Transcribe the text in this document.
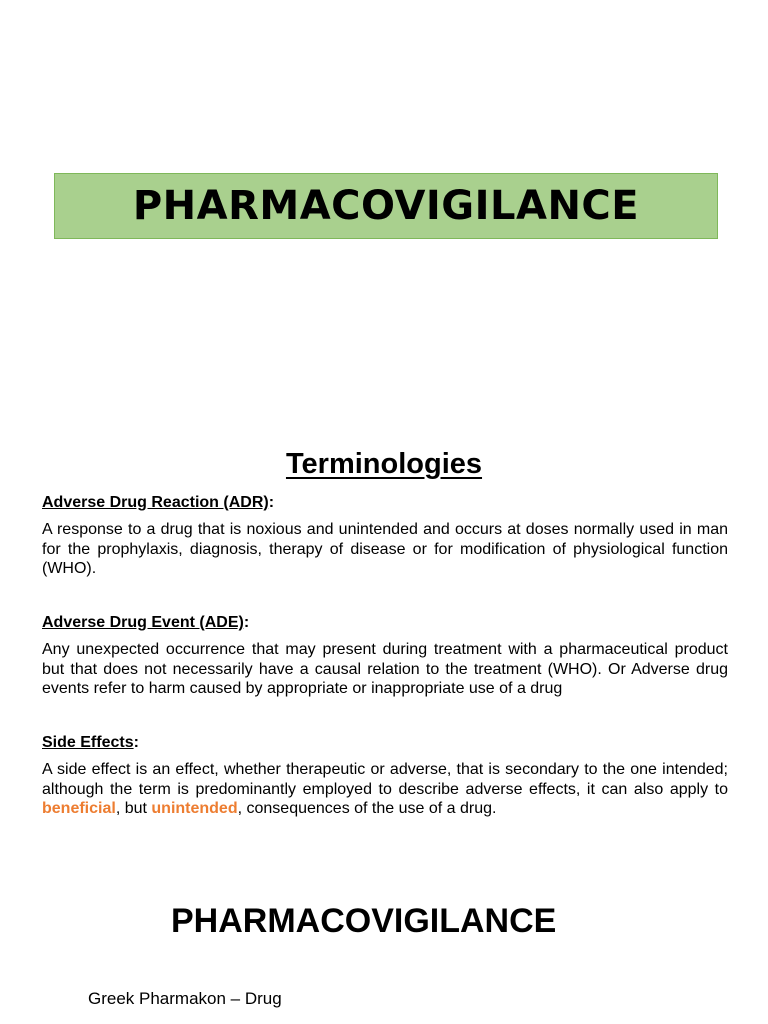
PHARMACOVIGILANCE
Terminologies

Adverse Drug Reaction (ADR):

A response to a drug that is noxious and unintended and occurs at doses normally used in man for the prophylaxis, diagnosis, therapy of disease or for modification of physiological function (WHO).

Adverse Drug Event (ADE):

Any unexpected occurrence that may present during treatment with a pharmaceutical product but that does not necessarily have a causal relation to the treatment (WHO). Or Adverse drug events refer to harm caused by appropriate or inappropriate use of a drug

Side Effects:

A side effect is an effect, whether therapeutic or adverse, that is secondary to the one intended; although the term is predominantly employed to describe adverse effects, it can also apply to beneficial, but unintended, consequences of the use of a drug.

PHARMACOVIGILANCE
Greek Pharmakon – Drug
